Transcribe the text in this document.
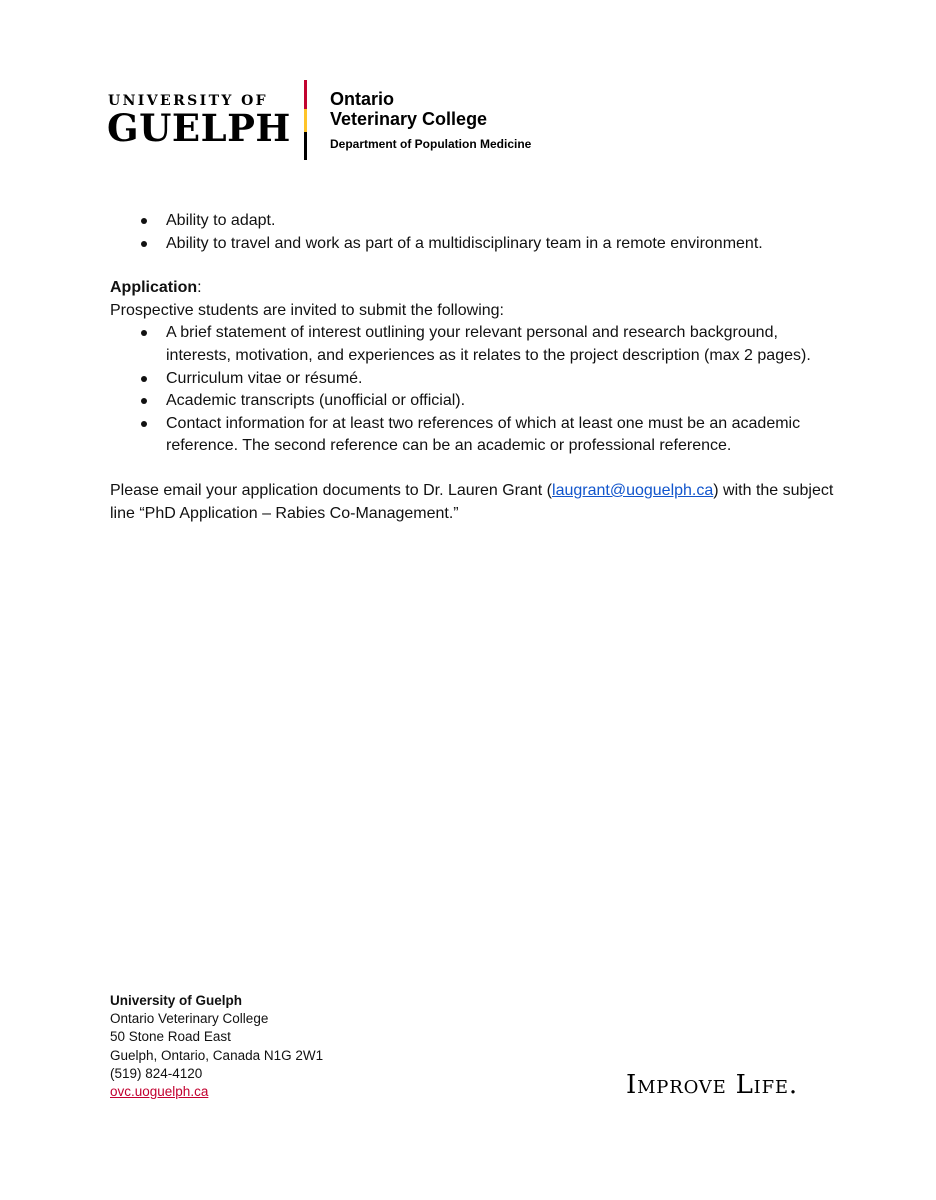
UNIVERSITY OF
GUELPH
Ontario
Veterinary College
Department of Population Medicine
Ability to adapt.
Ability to travel and work as part of a multidisciplinary team in a remote environment.

Application:

Prospective students are invited to submit the following:

A brief statement of interest outlining your relevant personal and research background, interests, motivation, and experiences as it relates to the project description (max 2 pages).
Curriculum vitae or résumé.
Academic transcripts (unofficial or official).
Contact information for at least two references of which at least one must be an academic reference. The second reference can be an academic or professional reference.

Please email your application documents to Dr. Lauren Grant (laugrant@uoguelph.ca) with the subject line “PhD Application – Rabies Co-Management.”

University of Guelph
Ontario Veterinary College
50 Stone Road East
Guelph, Ontario, Canada N1G 2W1
(519) 824-4120
ovc.uoguelph.ca	Improve Life.
